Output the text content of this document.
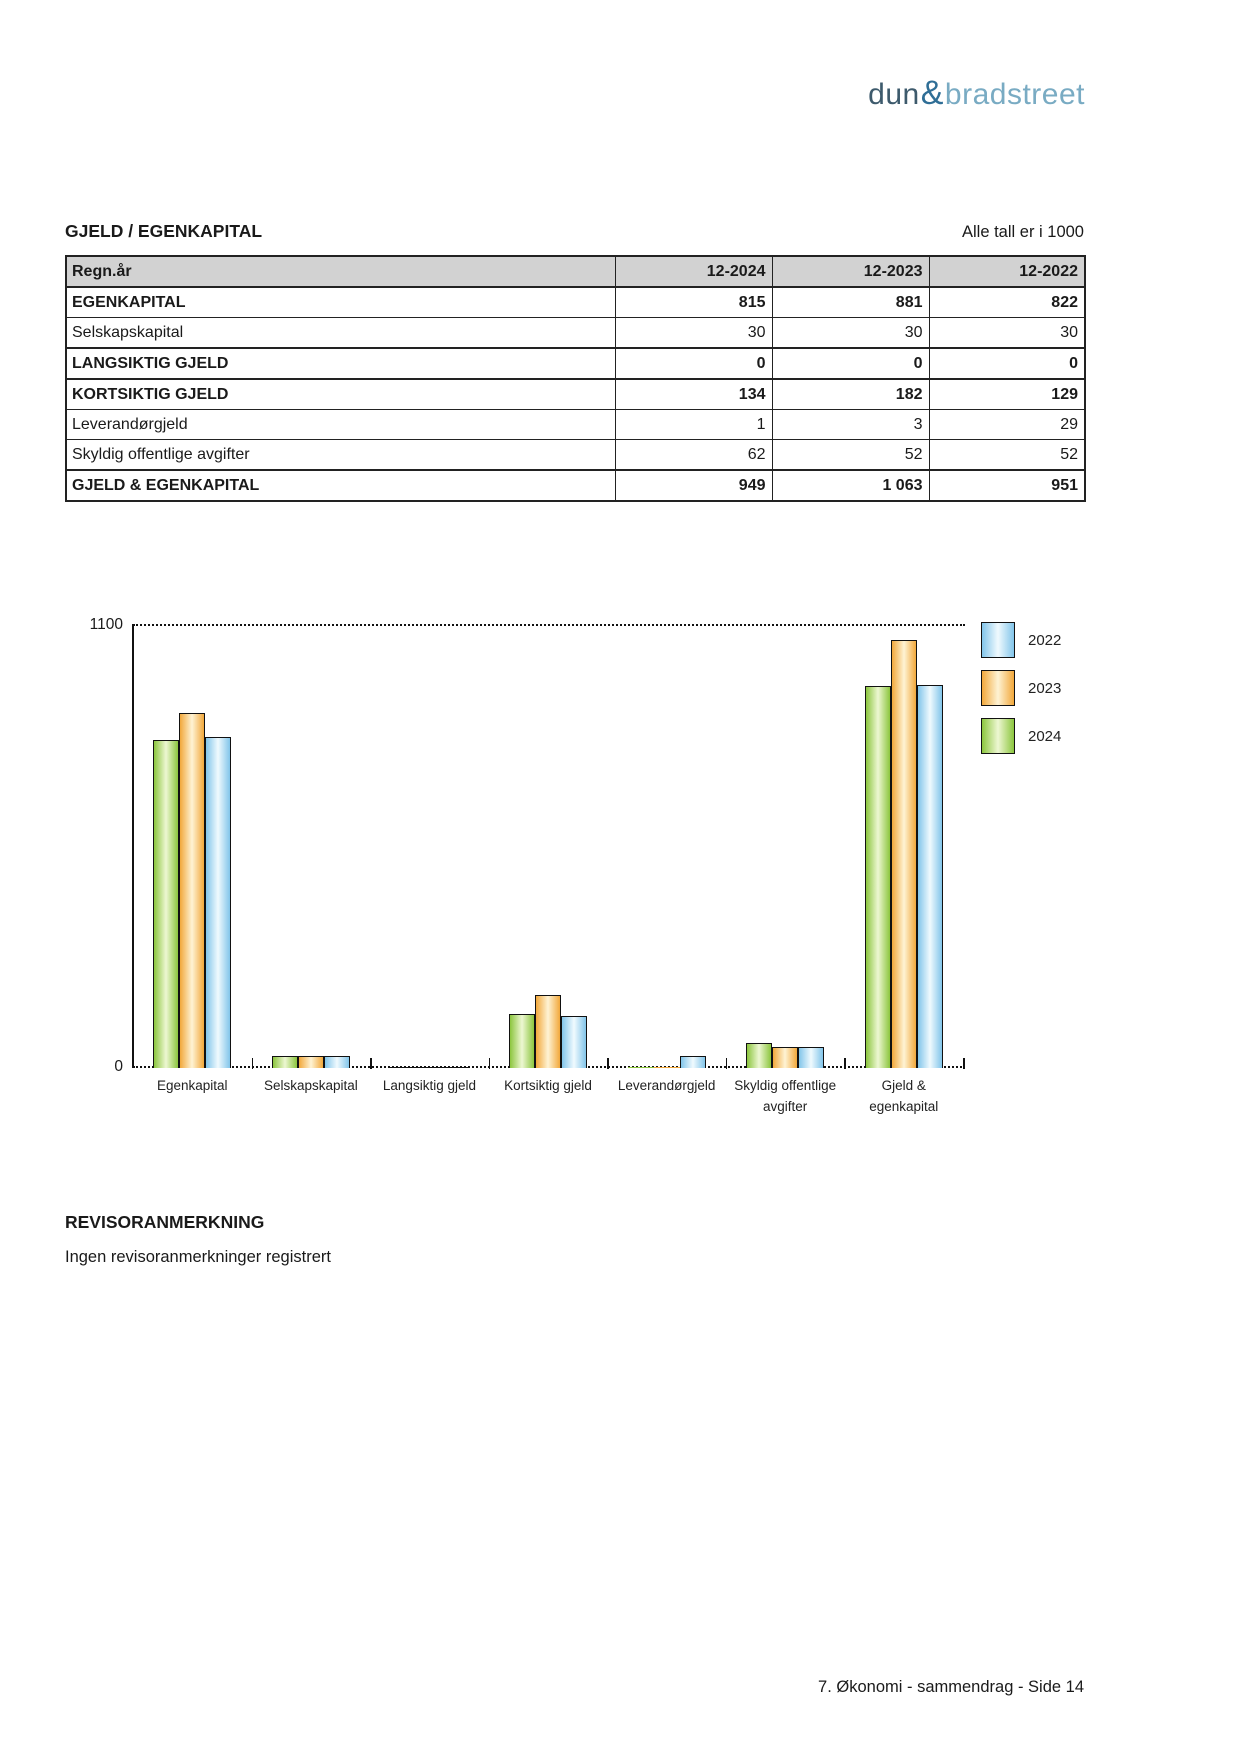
dun&bradstreet
GJELD / EGENKAPITAL	Alle tall er i 1000
Regn.år	12-2024	12-2023	12-2022
EGENKAPITAL	815	881	822
Selskapskapital	30	30	30
LANGSIKTIG GJELD	0	0	0
KORTSIKTIG GJELD	134	182	129
Leverandørgjeld	1	3	29
Skyldig offentlige avgifter	62	52	52
GJELD & EGENKAPITAL	949	1 063	951
1100
0
Egenkapital	Selskapskapital	Langsiktig gjeld	Kortsiktig gjeld	Leverandørgjeld	Skyldig offentlige
avgifter
Gjeld &
egenkapital
2022
2023
2024
REVISORANMERKNING
Ingen revisoranmerkninger registrert
7. Økonomi - sammendrag - Side 14
